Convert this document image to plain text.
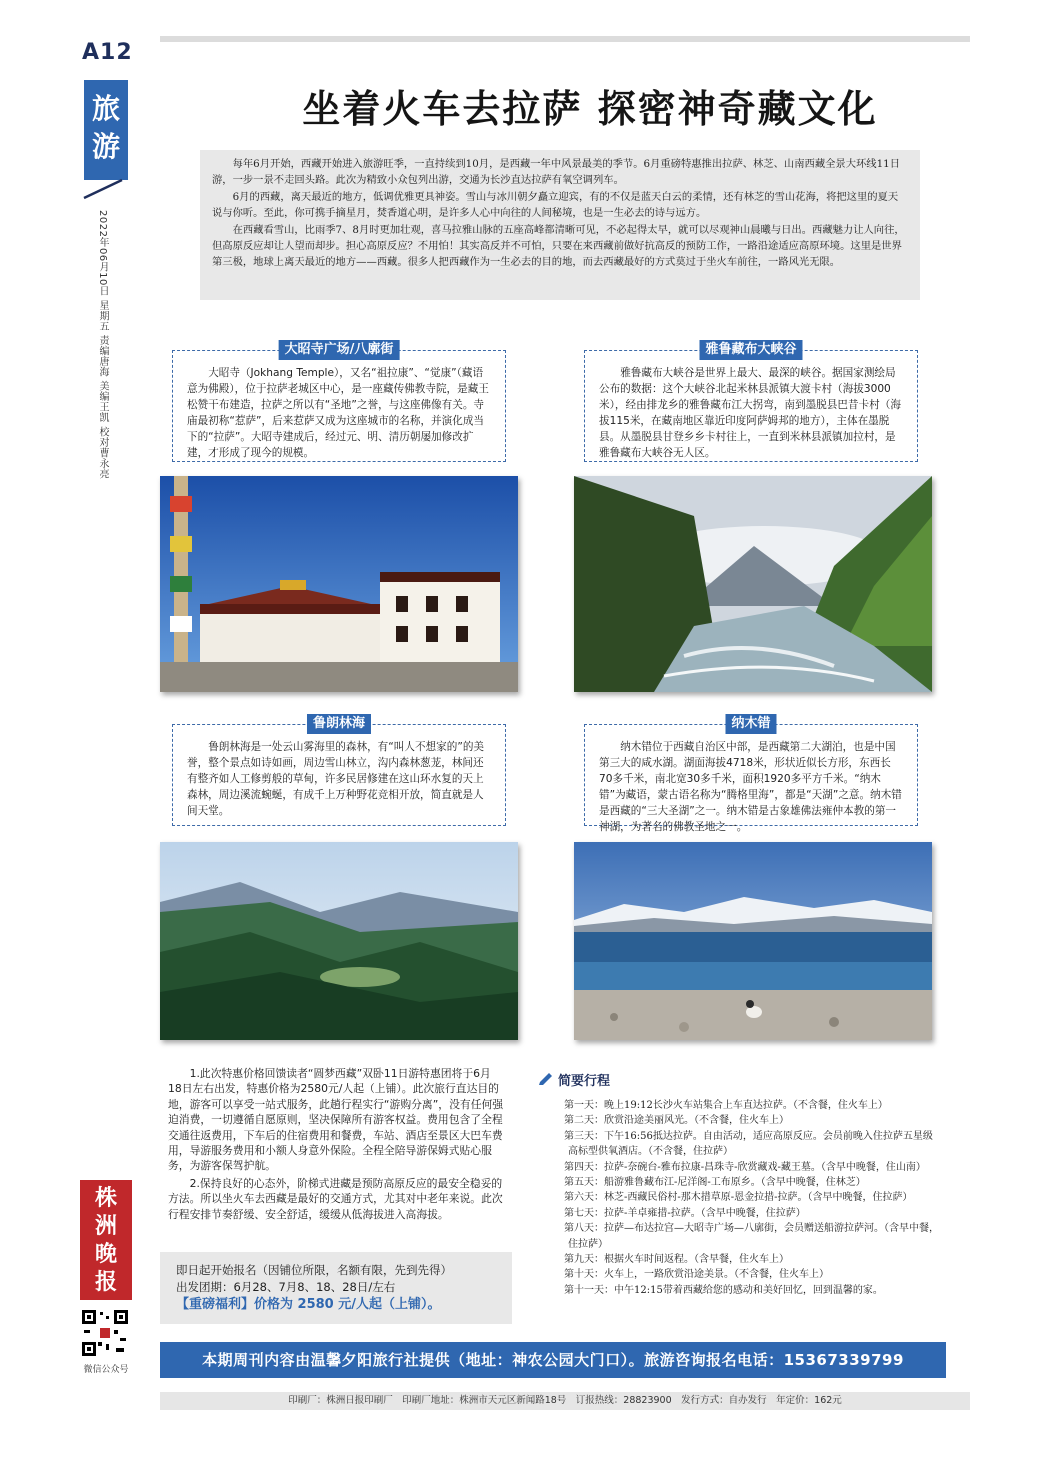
A12
旅
游
2022年06月10日 星期五 责编唐海 美编王凯 校对曹永亮
株
洲
晚
报
微信公众号
坐着火车去拉萨 探密神奇藏文化

每年6月开始，西藏开始进入旅游旺季，一直持续到10月，是西藏一年中风景最美的季节。6月重磅特惠推出拉萨、林芝、山南西藏全景大环线11日游，一步一景不走回头路。此次为精致小众包列出游，交通为长沙直达拉萨有氧空调列车。

6月的西藏，离天最近的地方，低调优雅更具神姿。雪山与冰川朝夕矗立迎宾，有的不仅是蓝天白云的柔情，还有林芝的雪山花海，将把这里的夏天说与你听。至此，你可携手摘星月，焚香道心明，是许多人心中向往的人间秘境，也是一生必去的诗与远方。

在西藏看雪山，比雨季7、8月时更加壮观，喜马拉雅山脉的五座高峰都清晰可见，不必起得太早，就可以尽观神山晨曦与日出。西藏魅力让人向往，但高原反应却让人望而却步。担心高原反应？不用怕！其实高反并不可怕，只要在来西藏前做好抗高反的预防工作，一路沿途适应高原环境。这里是世界第三极，地球上离天最近的地方——西藏。很多人把西藏作为一生必去的目的地，而去西藏最好的方式莫过于坐火车前往，一路风光无限。

大昭寺广场/八廓街
大昭寺（Jokhang Temple），又名“祖拉康”、“觉康”（藏语意为佛殿），位于拉萨老城区中心，是一座藏传佛教寺院，是藏王松赞干布建造，拉萨之所以有“圣地”之誉，与这座佛像有关。寺庙最初称“惹萨”，后来惹萨又成为这座城市的名称，并演化成当下的“拉萨”。大昭寺建成后，经过元、明、清历朝屡加修改扩建，才形成了现今的规模。
雅鲁藏布大峡谷
雅鲁藏布大峡谷是世界上最大、最深的峡谷。据国家测绘局公布的数据：这个大峡谷北起米林县派镇大渡卡村（海拔3000米），经由排龙乡的雅鲁藏布江大拐弯，南到墨脱县巴昔卡村（海拔115米，在藏南地区靠近印度阿萨姆邦的地方），主体在墨脱县。从墨脱县甘登乡乡卡村往上，一直到米林县派镇加拉村，是雅鲁藏布大峡谷无人区。
鲁朗林海
鲁朗林海是一处云山雾海里的森林，有“叫人不想家的”的美誉，整个景点如诗如画，周边雪山林立，沟内森林葱茏，林间还有整齐如人工修剪般的草甸，许多民居修建在这山环水复的天上森林，周边溪流蜿蜒，有成千上万种野花竞相开放，简直就是人间天堂。
纳木错
纳木错位于西藏自治区中部，是西藏第二大湖泊，也是中国第三大的咸水湖。湖面海拔4718米，形状近似长方形，东西长70多千米，南北宽30多千米，面积1920多平方千米。“纳木错”为藏语，蒙古语名称为“腾格里海”，都是“天湖”之意。纳木错是西藏的“三大圣湖”之一。纳木错是古象雄佛法雍仲本教的第一神湖，为著名的佛教圣地之一。

1.此次特惠价格回馈读者“圆梦西藏”双卧11日游特惠团将于6月18日左右出发，特惠价格为2580元/人起（上铺）。此次旅行直达目的地，游客可以享受一站式服务，此趟行程实行“游购分离”，没有任何强迫消费，一切遵循自愿原则，坚决保障所有游客权益。费用包含了全程交通往返费用，下车后的住宿费用和餐费，车站、酒店至景区大巴车费用，导游服务费用和小额人身意外保险。全程全陪导游保姆式贴心服务，为游客保驾护航。

2.保持良好的心态外，阶梯式进藏是预防高原反应的最安全稳妥的方法。所以坐火车去西藏是最好的交通方式，尤其对中老年来说。此次行程安排节奏舒缓、安全舒适，缓缓从低海拔进入高海拔。

即日起开始报名（因铺位所限，名额有限，先到先得）
出发团期：6月28、7月8、18、28日/左右
【重磅福利】价格为 2580 元/人起（上铺）。
简要行程

第一天：晚上19:12长沙火车站集合上车直达拉萨。（不含餐，住火车上）

第二天：欣赏沿途美丽风光。（不含餐，住火车上）

第三天：下午16:56抵达拉萨。自由活动，适应高原反应。会员前晚入住拉萨五星级高标型供氧酒店。（不含餐，住拉萨）

第四天：拉萨-奈碗台-雅布拉康-昌珠寺-欣赏藏戏-藏王墓。（含早中晚餐，住山南）

第五天：船游雅鲁藏布江-尼洋阁-工布原乡。（含早中晚餐，住林芝）

第六天：林芝-西藏民俗村-那木措草原-恩金拉措-拉萨。（含早中晚餐，住拉萨）

第七天：拉萨-羊卓雍措-拉萨。（含早中晚餐，住拉萨）

第八天：拉萨—布达拉宫—大昭寺广场—八廓街，会员赠送船游拉萨河。（含早中餐，住拉萨）

第九天：根据火车时间返程。（含早餐，住火车上）

第十天：火车上，一路欣赏沿途美景。（不含餐，住火车上）

第十一天：中午12:15带着西藏给您的感动和美好回忆，回到温馨的家。

本期周刊内容由温馨夕阳旅行社提供（地址：神农公园大门口）。旅游咨询报名电话：15367339799
印刷厂：株洲日报印刷厂　印刷厂地址：株洲市天元区新闻路18号　订报热线：28823900　发行方式：自办发行　年定价：162元
